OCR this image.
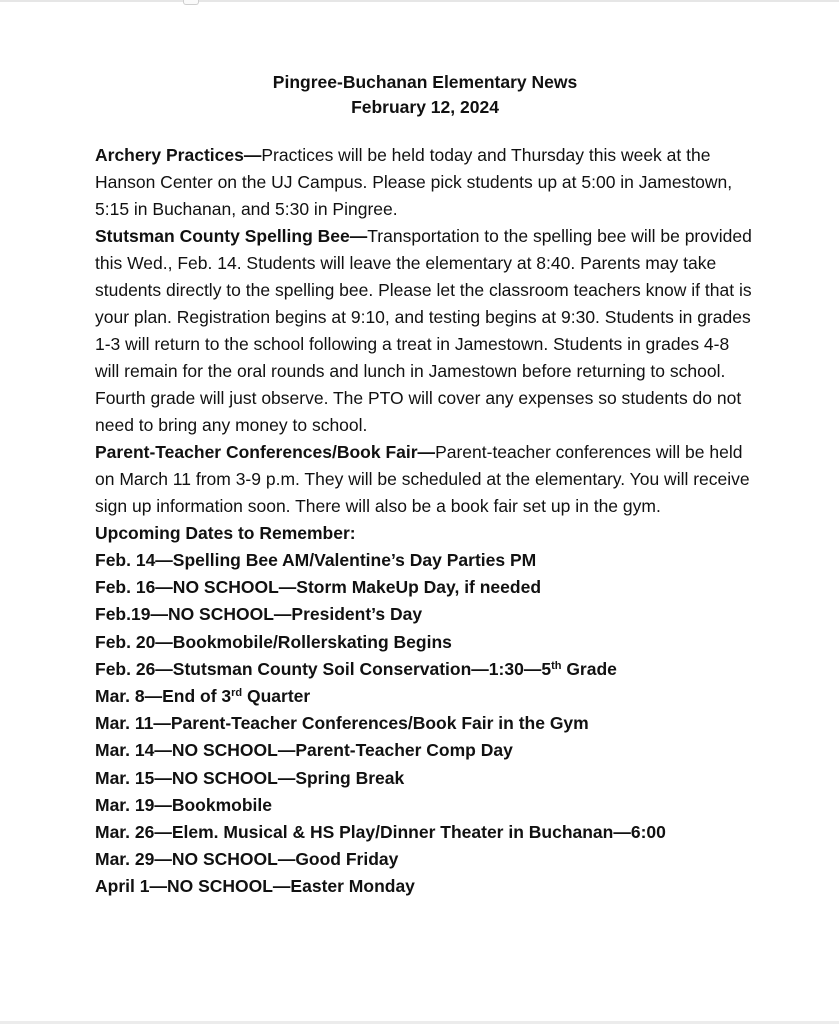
Pingree-Buchanan Elementary News
February 12, 2024

Archery Practices—Practices will be held today and Thursday this week at the Hanson Center on the UJ Campus. Please pick students up at 5:00 in Jamestown, 5:15 in Buchanan, and 5:30 in Pingree.

Stutsman County Spelling Bee—Transportation to the spelling bee will be provided this Wed., Feb. 14. Students will leave the elementary at 8:40. Parents may take students directly to the spelling bee. Please let the classroom teachers know if that is your plan. Registration begins at 9:10, and testing begins at 9:30. Students in grades 1-3 will return to the school following a treat in Jamestown. Students in grades 4-8 will remain for the oral rounds and lunch in Jamestown before returning to school. Fourth grade will just observe. The PTO will cover any expenses so students do not need to bring any money to school.

Parent-Teacher Conferences/Book Fair—Parent-teacher conferences will be held on March 11 from 3-9 p.m. They will be scheduled at the elementary. You will receive sign up information soon. There will also be a book fair set up in the gym.

Upcoming Dates to Remember:

Feb. 14—Spelling Bee AM/Valentine’s Day Parties PM
Feb. 16—NO SCHOOL—Storm MakeUp Day, if needed
Feb.19—NO SCHOOL—President’s Day
Feb. 20—Bookmobile/Rollerskating Begins
Feb. 26—Stutsman County Soil Conservation—1:30—5th Grade
Mar. 8—End of 3rd Quarter
Mar. 11—Parent-Teacher Conferences/Book Fair in the Gym
Mar. 14—NO SCHOOL—Parent-Teacher Comp Day
Mar. 15—NO SCHOOL—Spring Break
Mar. 19—Bookmobile
Mar. 26—Elem. Musical & HS Play/Dinner Theater in Buchanan—6:00
Mar. 29—NO SCHOOL—Good Friday
April 1—NO SCHOOL—Easter Monday
